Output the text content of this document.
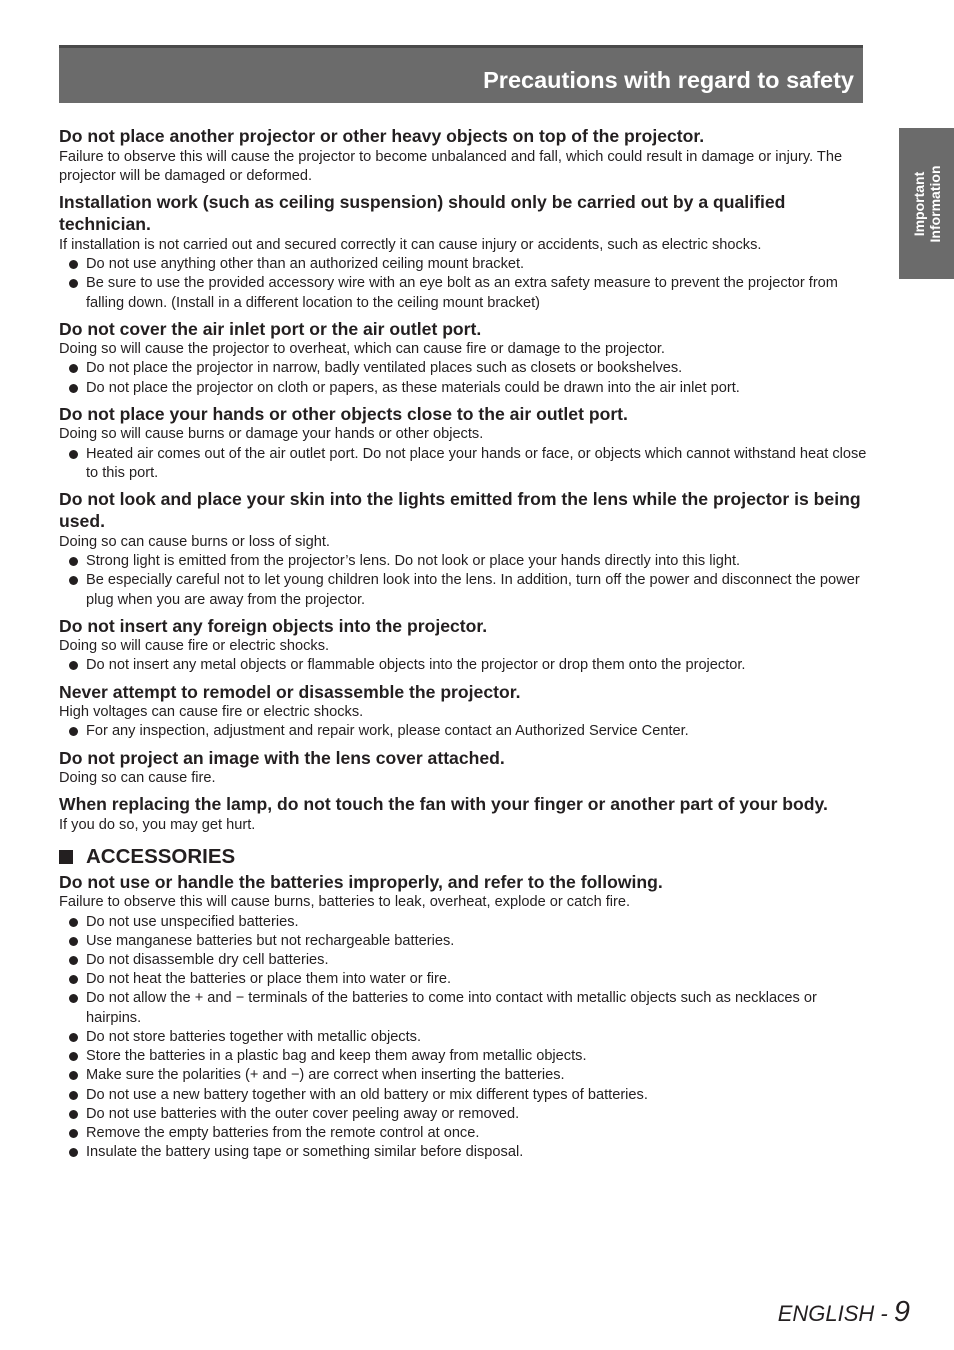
Precautions with regard to safety
Important Information

Do not place another projector or other heavy objects on top of the projector.

Failure to observe this will cause the projector to become unbalanced and fall, which could result in damage or injury. The projector will be damaged or deformed.

Installation work (such as ceiling suspension) should only be carried out by a qualified technician.

If installation is not carried out and secured correctly it can cause injury or accidents, such as electric shocks.

Do not use anything other than an authorized ceiling mount bracket.
Be sure to use the provided accessory wire with an eye bolt as an extra safety measure to prevent the projector from falling down. (Install in a different location to the ceiling mount bracket)

Do not cover the air inlet port or the air outlet port.

Doing so will cause the projector to overheat, which can cause fire or damage to the projector.

Do not place the projector in narrow, badly ventilated places such as closets or bookshelves.
Do not place the projector on cloth or papers, as these materials could be drawn into the air inlet port.

Do not place your hands or other objects close to the air outlet port.

Doing so will cause burns or damage your hands or other objects.

Heated air comes out of the air outlet port. Do not place your hands or face, or objects which cannot withstand heat close to this port.

Do not look and place your skin into the lights emitted from the lens while the projector is being used.

Doing so can cause burns or loss of sight.

Strong light is emitted from the projector’s lens. Do not look or place your hands directly into this light.
Be especially careful not to let young children look into the lens. In addition, turn off the power and disconnect the power plug when you are away from the projector.

Do not insert any foreign objects into the projector.

Doing so will cause fire or electric shocks.

Do not insert any metal objects or flammable objects into the projector or drop them onto the projector.

Never attempt to remodel or disassemble the projector.

High voltages can cause fire or electric shocks.

For any inspection, adjustment and repair work, please contact an Authorized Service Center.

Do not project an image with the lens cover attached.

Doing so can cause fire.

When replacing the lamp, do not touch the fan with your finger or another part of your body.

If you do so, you may get hurt.

ACCESSORIES

Do not use or handle the batteries improperly, and refer to the following.

Failure to observe this will cause burns, batteries to leak, overheat, explode or catch fire.

Do not use unspecified batteries.
Use manganese batteries but not rechargeable batteries.
Do not disassemble dry cell batteries.
Do not heat the batteries or place them into water or fire.
Do not allow the + and − terminals of the batteries to come into contact with metallic objects such as necklaces or hairpins.
Do not store batteries together with metallic objects.
Store the batteries in a plastic bag and keep them away from metallic objects.
Make sure the polarities (+ and −) are correct when inserting the batteries.
Do not use a new battery together with an old battery or mix different types of batteries.
Do not use batteries with the outer cover peeling away or removed.
Remove the empty batteries from the remote control at once.
Insulate the battery using tape or something similar before disposal.
ENGLISH - 9
